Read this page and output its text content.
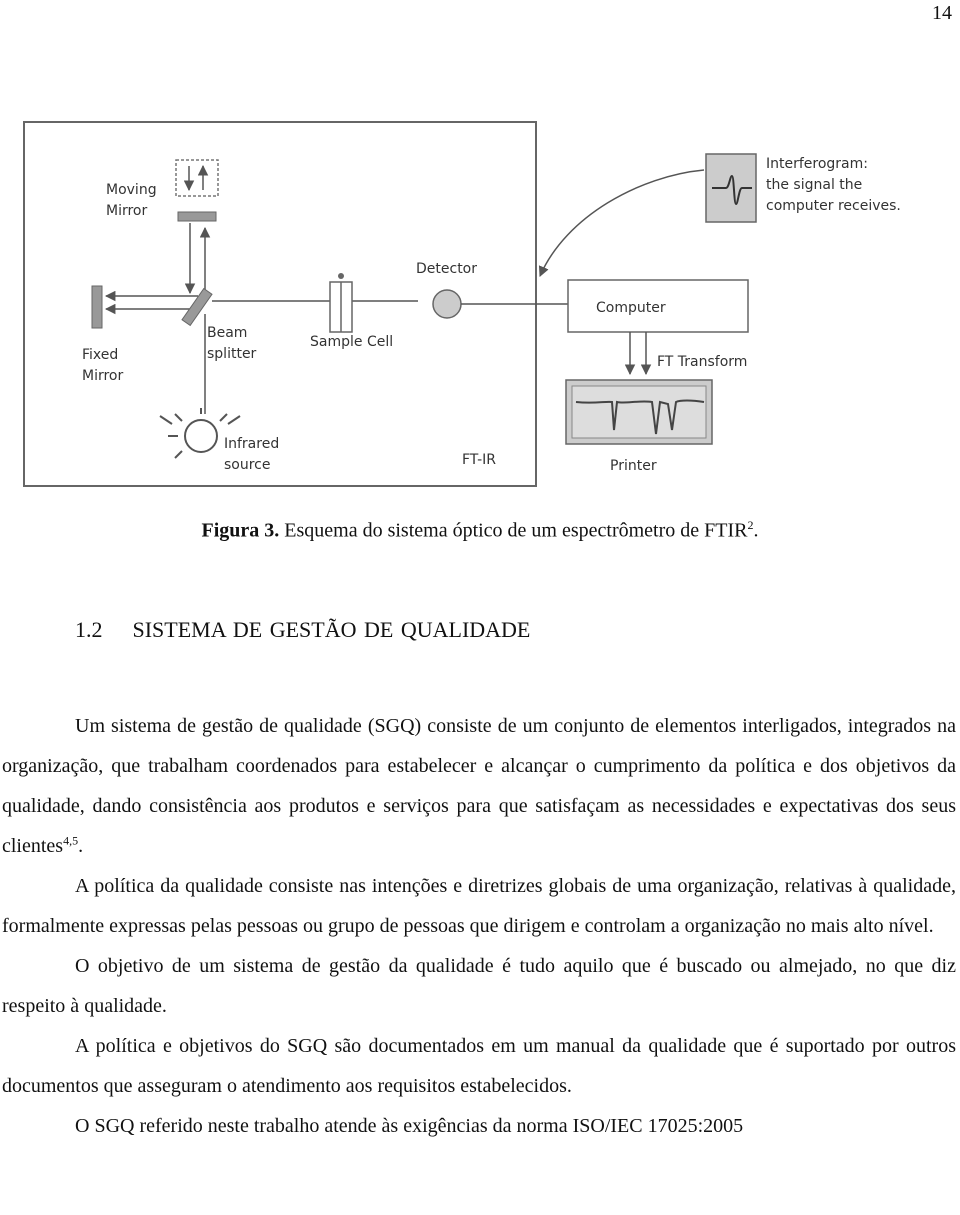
14
Moving
Mirror
Fixed
Mirror
Beam
splitter
Sample Cell
Detector
Infrared
source	FT-IR
Computer
FT Transform
Printer
Interferogram:
the signal the
computer receives.
Figura 3. Esquema do sistema óptico de um espectrômetro de FTIR$^2$.
1.2 SISTEMA DE GESTÃO DE QUALIDADE

Um sistema de gestão de qualidade (SGQ) consiste de um conjunto de elementos interligados, integrados na organização, que trabalham coordenados para estabelecer e alcançar o cumprimento da política e dos objetivos da qualidade, dando consistência aos produtos e serviços para que satisfaçam as necessidades e expectativas dos seus clientes$^{4,5}$.

A política da qualidade consiste nas intenções e diretrizes globais de uma organização, relativas à qualidade, formalmente expressas pelas pessoas ou grupo de pessoas que dirigem e controlam a organização no mais alto nível.

O objetivo de um sistema de gestão da qualidade é tudo aquilo que é buscado ou almejado, no que diz respeito à qualidade.

A política e objetivos do SGQ são documentados em um manual da qualidade que é suportado por outros documentos que asseguram o atendimento aos requisitos estabelecidos.

O SGQ referido neste trabalho atende às exigências da norma ISO/IEC 17025:2005
